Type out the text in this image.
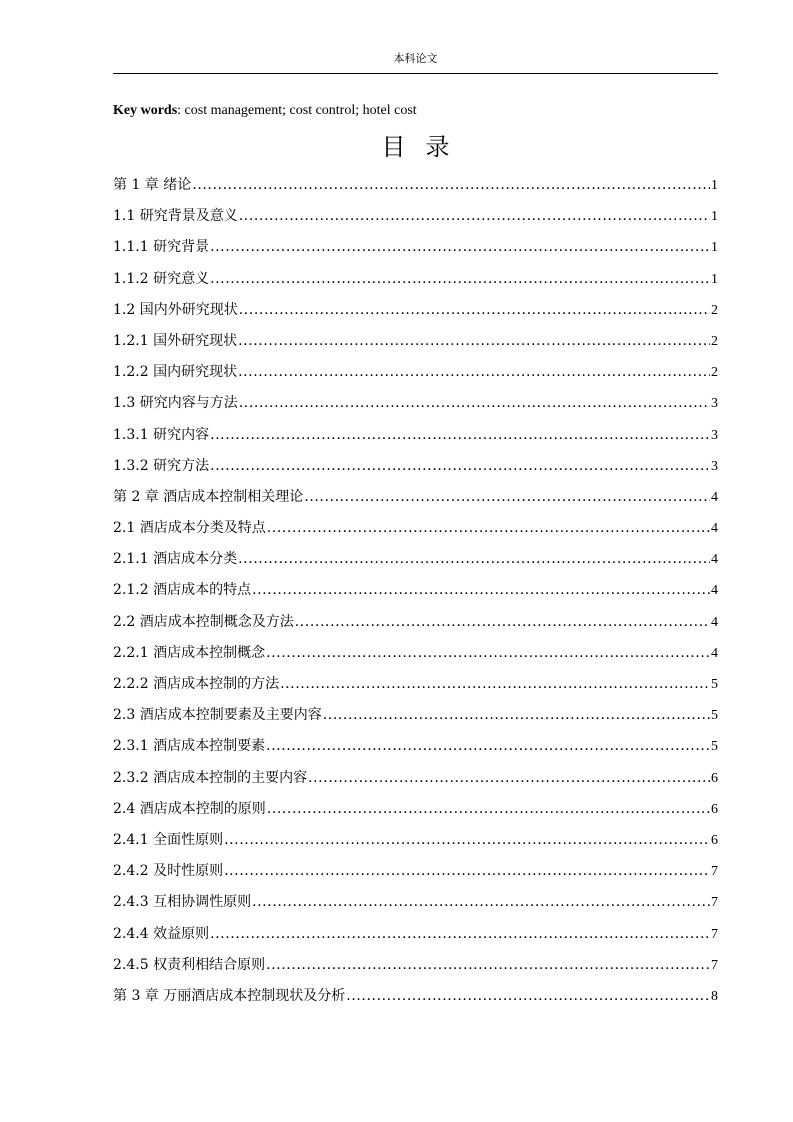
本科论文
Key words: cost management; cost control; hotel cost
目录
第 1 章 绪论 .....	1
1.1 研究背景及意义 .....	1
1.1.1 研究背景 .....	1
1.1.2 研究意义 .....	1
1.2 国内外研究现状 .....	2
1.2.1 国外研究现状 .....	2
1.2.2 国内研究现状 .....	2
1.3 研究内容与方法 .....	3
1.3.1 研究内容 .....	3
1.3.2 研究方法 .....	3
第 2 章 酒店成本控制相关理论 .....	4
2.1 酒店成本分类及特点 .....	4
2.1.1 酒店成本分类 .....	4
2.1.2 酒店成本的特点 .....	4
2.2 酒店成本控制概念及方法 .....	4
2.2.1 酒店成本控制概念 .....	4
2.2.2 酒店成本控制的方法 .....	5
2.3 酒店成本控制要素及主要内容 .....	5
2.3.1 酒店成本控制要素 .....	5
2.3.2 酒店成本控制的主要内容 .....	6
2.4 酒店成本控制的原则 .....	6
2.4.1 全面性原则 .....	6
2.4.2 及时性原则 .....	7
2.4.3 互相协调性原则 .....	7
2.4.4 效益原则 .....	7
2.4.5 权责利相结合原则 .....	7
第 3 章 万丽酒店成本控制现状及分析 .....	8
